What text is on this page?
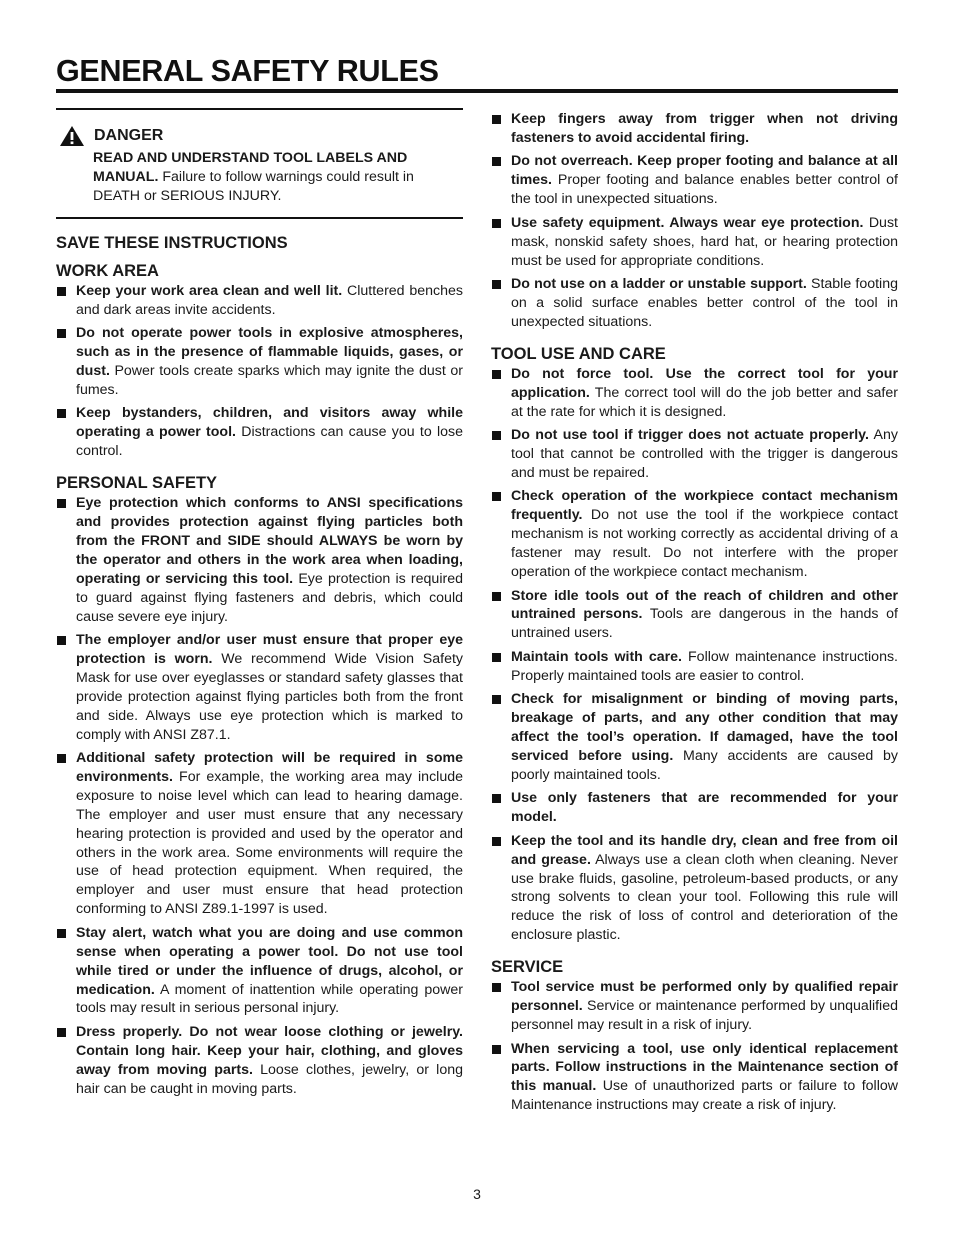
GENERAL SAFETY RULES
DANGER
READ AND UNDERSTAND TOOL LABELS AND MANUAL. Failure to follow warnings could result in DEATH or SERIOUS INJURY.
SAVE THESE INSTRUCTIONS
WORK AREA
Keep your work area clean and well lit. Cluttered benches and dark areas invite accidents.
Do not operate power tools in explosive atmospheres, such as in the presence of flammable liquids, gases, or dust. Power tools create sparks which may ignite the dust or fumes.
Keep bystanders, children, and visitors away while operating a power tool. Distractions can cause you to lose control.
PERSONAL SAFETY
Eye protection which conforms to ANSI specifications and provides protection against flying particles both from the FRONT and SIDE should ALWAYS be worn by the operator and others in the work area when loading, operating or servicing this tool. Eye protection is required to guard against flying fasteners and debris, which could cause severe eye injury.
The employer and/or user must ensure that proper eye protection is worn. We recommend Wide Vision Safety Mask for use over eyeglasses or standard safety glasses that provide protection against flying particles both from the front and side. Always use eye protection which is marked to comply with ANSI Z87.1.
Additional safety protection will be required in some environments. For example, the working area may include exposure to noise level which can lead to hearing damage. The employer and user must ensure that any necessary hearing protection is provided and used by the operator and others in the work area. Some environments will require the use of head protection equipment. When required, the employer and user must ensure that head protection conforming to ANSI Z89.1-1997 is used.
Stay alert, watch what you are doing and use common sense when operating a power tool. Do not use tool while tired or under the influence of drugs, alcohol, or medication. A moment of inattention while operating power tools may result in serious personal injury.
Dress properly. Do not wear loose clothing or jewelry. Contain long hair. Keep your hair, clothing, and gloves away from moving parts. Loose clothes, jewelry, or long hair can be caught in moving parts.
Keep fingers away from trigger when not driving fasteners to avoid accidental firing.
Do not overreach. Keep proper footing and balance at all times. Proper footing and balance enables better control of the tool in unexpected situations.
Use safety equipment. Always wear eye protection. Dust mask, nonskid safety shoes, hard hat, or hearing protection must be used for appropriate conditions.
Do not use on a ladder or unstable support. Stable footing on a solid surface enables better control of the tool in unexpected situations.
TOOL USE AND CARE
Do not force tool. Use the correct tool for your application. The correct tool will do the job better and safer at the rate for which it is designed.
Do not use tool if trigger does not actuate properly. Any tool that cannot be controlled with the trigger is dangerous and must be repaired.
Check operation of the workpiece contact mechanism frequently. Do not use the tool if the workpiece contact mechanism is not working correctly as accidental driving of a fastener may result. Do not interfere with the proper operation of the workpiece contact mechanism.
Store idle tools out of the reach of children and other untrained persons. Tools are dangerous in the hands of untrained users.
Maintain tools with care. Follow maintenance instructions. Properly maintained tools are easier to control.
Check for misalignment or binding of moving parts, breakage of parts, and any other condition that may affect the tool’s operation. If damaged, have the tool serviced before using. Many accidents are caused by poorly maintained tools.
Use only fasteners that are recommended for your model.
Keep the tool and its handle dry, clean and free from oil and grease. Always use a clean cloth when cleaning. Never use brake fluids, gasoline, petroleum-based products, or any strong solvents to clean your tool. Following this rule will reduce the risk of loss of control and deterioration of the enclosure plastic.
SERVICE
Tool service must be performed only by qualified repair personnel. Service or maintenance performed by unqualified personnel may result in a risk of injury.
When servicing a tool, use only identical replacement parts. Follow instructions in the Maintenance section of this manual. Use of unauthorized parts or failure to follow Maintenance instructions may create a risk of injury.
3
